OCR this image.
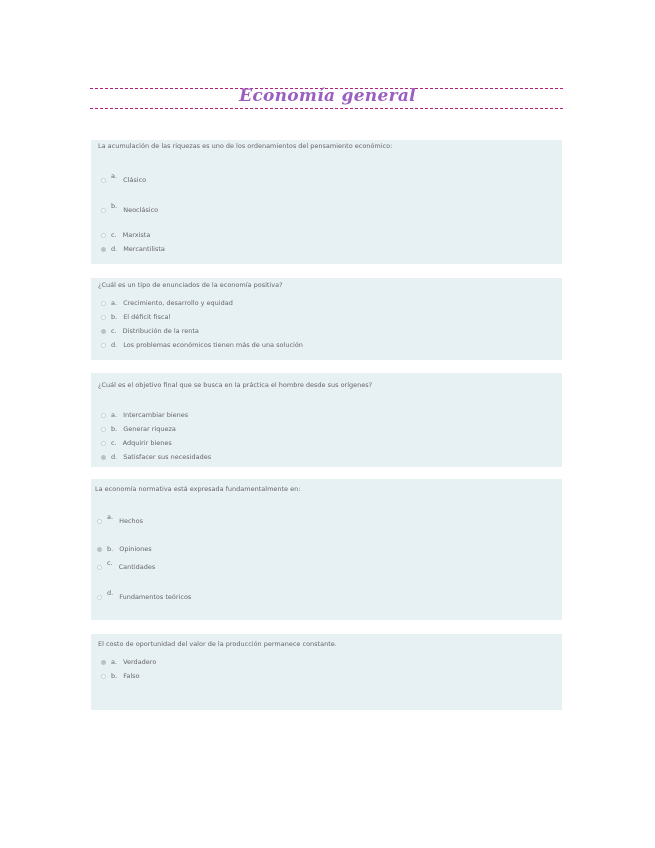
Economía general
La acumulación de las riquezas es uno de los ordenamientos del pensamiento económico:
a. Clásico
b. Neoclásico
c. Marxista
d. Mercantilista
¿Cuál es un tipo de enunciados de la economía positiva?
a. Crecimiento, desarrollo y equidad
b. El déficit fiscal
c. Distribución de la renta
d. Los problemas económicos tienen más de una solución
¿Cuál es el objetivo final que se busca en la práctica el hombre desde sus orígenes?
a. Intercambiar bienes
b. Generar riqueza
c. Adquirir bienes
d. Satisfacer sus necesidades
La economía normativa está expresada fundamentalmente en:
a. Hechos
b. Opiniones
c. Cantidades
d. Fundamentos teóricos
El costo de oportunidad del valor de la producción permanece constante.
a. Verdadero
b. Falso
